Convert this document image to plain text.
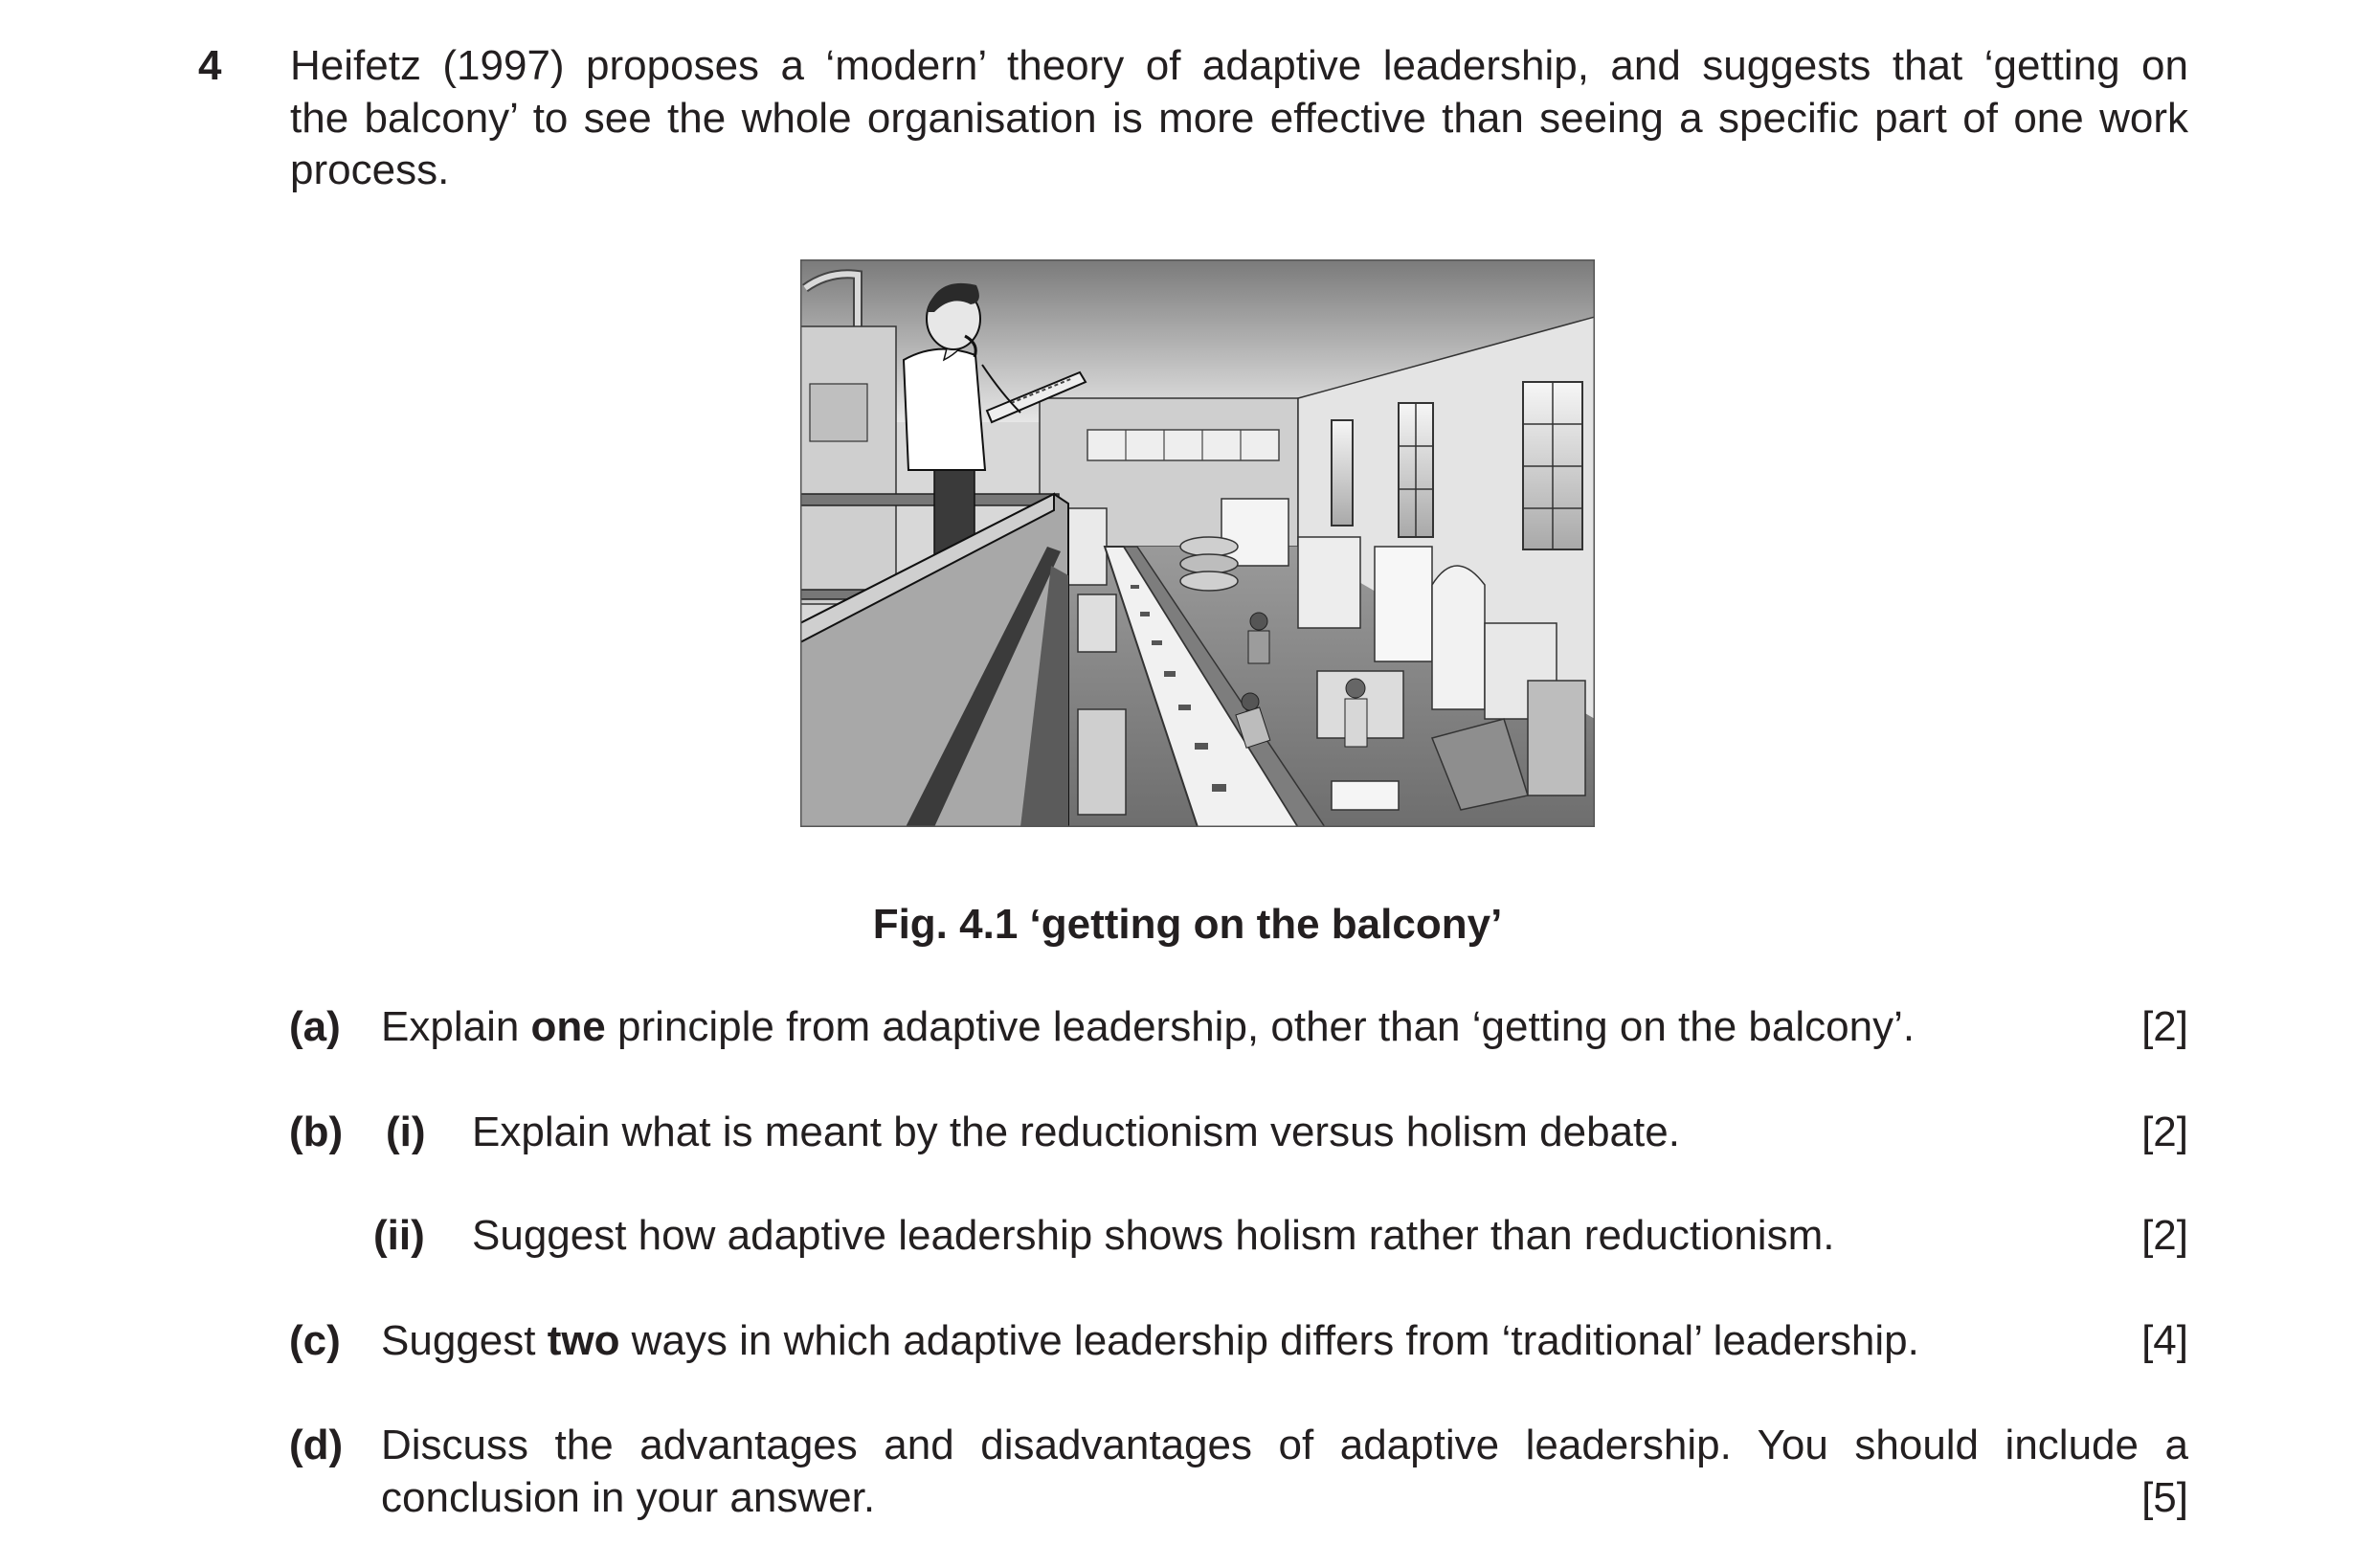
4 Heifetz (1997) proposes a ‘modern’ theory of adaptive leadership, and suggests that ‘getting on
the balcony’ to see the whole organisation is more effective than seeing a specific part of one work
process.
Fig. 4.1 ‘getting on the balcony’
(a) Explain one principle from adaptive leadership, other than ‘getting on the balcony’.	[2]
(b) (i) Explain what is meant by the reductionism versus holism debate.	[2]
(ii) Suggest how adaptive leadership shows holism rather than reductionism.	[2]
(c) Suggest two ways in which adaptive leadership differs from ‘traditional’ leadership.	[4]
(d) Discuss the advantages and disadvantages of adaptive leadership. You should include a
conclusion in your answer.	[5]
